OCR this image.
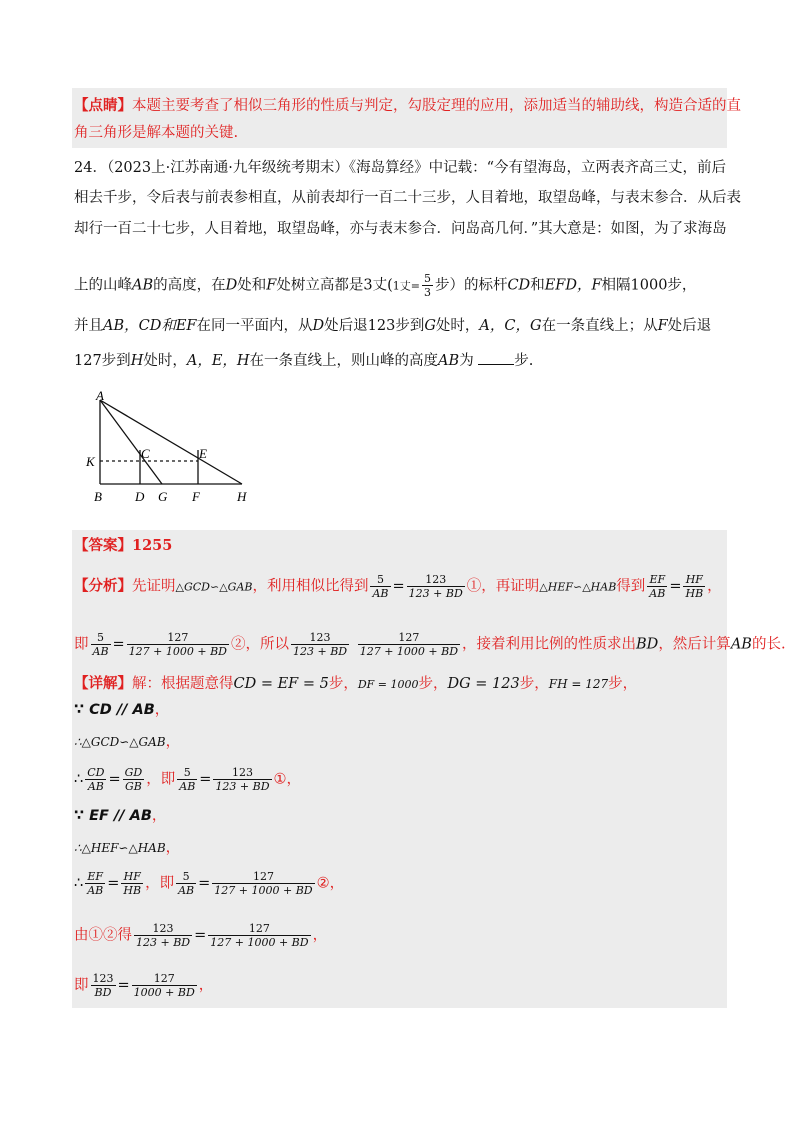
【点睛】本题主要考查了相似三角形的性质与判定，勾股定理的应用，添加适当的辅助线，构造合适的直
角三角形是解本题的关键.
24．（2023上·江苏南通·九年级统考期末）《海岛算经》中记载：“今有望海岛，立两表齐高三丈，前后
相去千步，令后表与前表参相直，从前表却行一百二十三步，人目着地，取望岛峰，与表末参合．从后表
却行一百二十七步，人目着地，取望岛峰，亦与表末参合．问岛高几何．”其大意是：如图，为了求海岛
上的山峰AB的高度，在D处和F处树立高都是3丈(1丈= $\frac{5}{3}$ 步）的标杆CD和EFD，F相隔1000步，
并且AB，CD和EF在同一平面内，从D处后退123步到G处时，A，C，G在一条直线上；从F处后退
127步到H处时，A，E，H在一条直线上，则山峰的高度AB为	步.
A
K
C	E
B	D G F	H
【答案】1255
【分析】先证明△GCD∽△GAB，利用相似比得到 $\frac{5}{AB} = \frac{123}{123 + BD}$ ①，再证明△HEF∽△HAB得到 $\frac{EF}{AB} = \frac{HF}{HB}$ ，
即 $\frac{5}{AB} = \frac{127}{127 + 1000 + BD}$ ②，所以 $\frac{123}{123 + BD}$
$\frac{127}{127 + 1000 + BD}$ ，接着利用比例的性质求出BD，然后计算AB的长.
【详解】解：根据题意得CD = EF = 5步，DF = 1000步，DG = 123步，FH = 127步，
∵ CD // AB，
∴△GCD∽△GAB，
∴ $\frac{CD}{AB} = \frac{GD}{GB}$ ，即 $\frac{5}{AB} = \frac{123}{123 + BD}$ ①，
∵ EF // AB，
∴△HEF∽△HAB，
∴ $\frac{EF}{AB} = \frac{HF}{HB}$ ，即 $\frac{5}{AB} = \frac{127}{127 + 1000 + BD}$ ②，
由①②得 $\frac{123}{123 + BD} = \frac{127}{127 + 1000 + BD}$ ，
即 $\frac{123}{BD} = \frac{127}{1000 + BD}$ ，
